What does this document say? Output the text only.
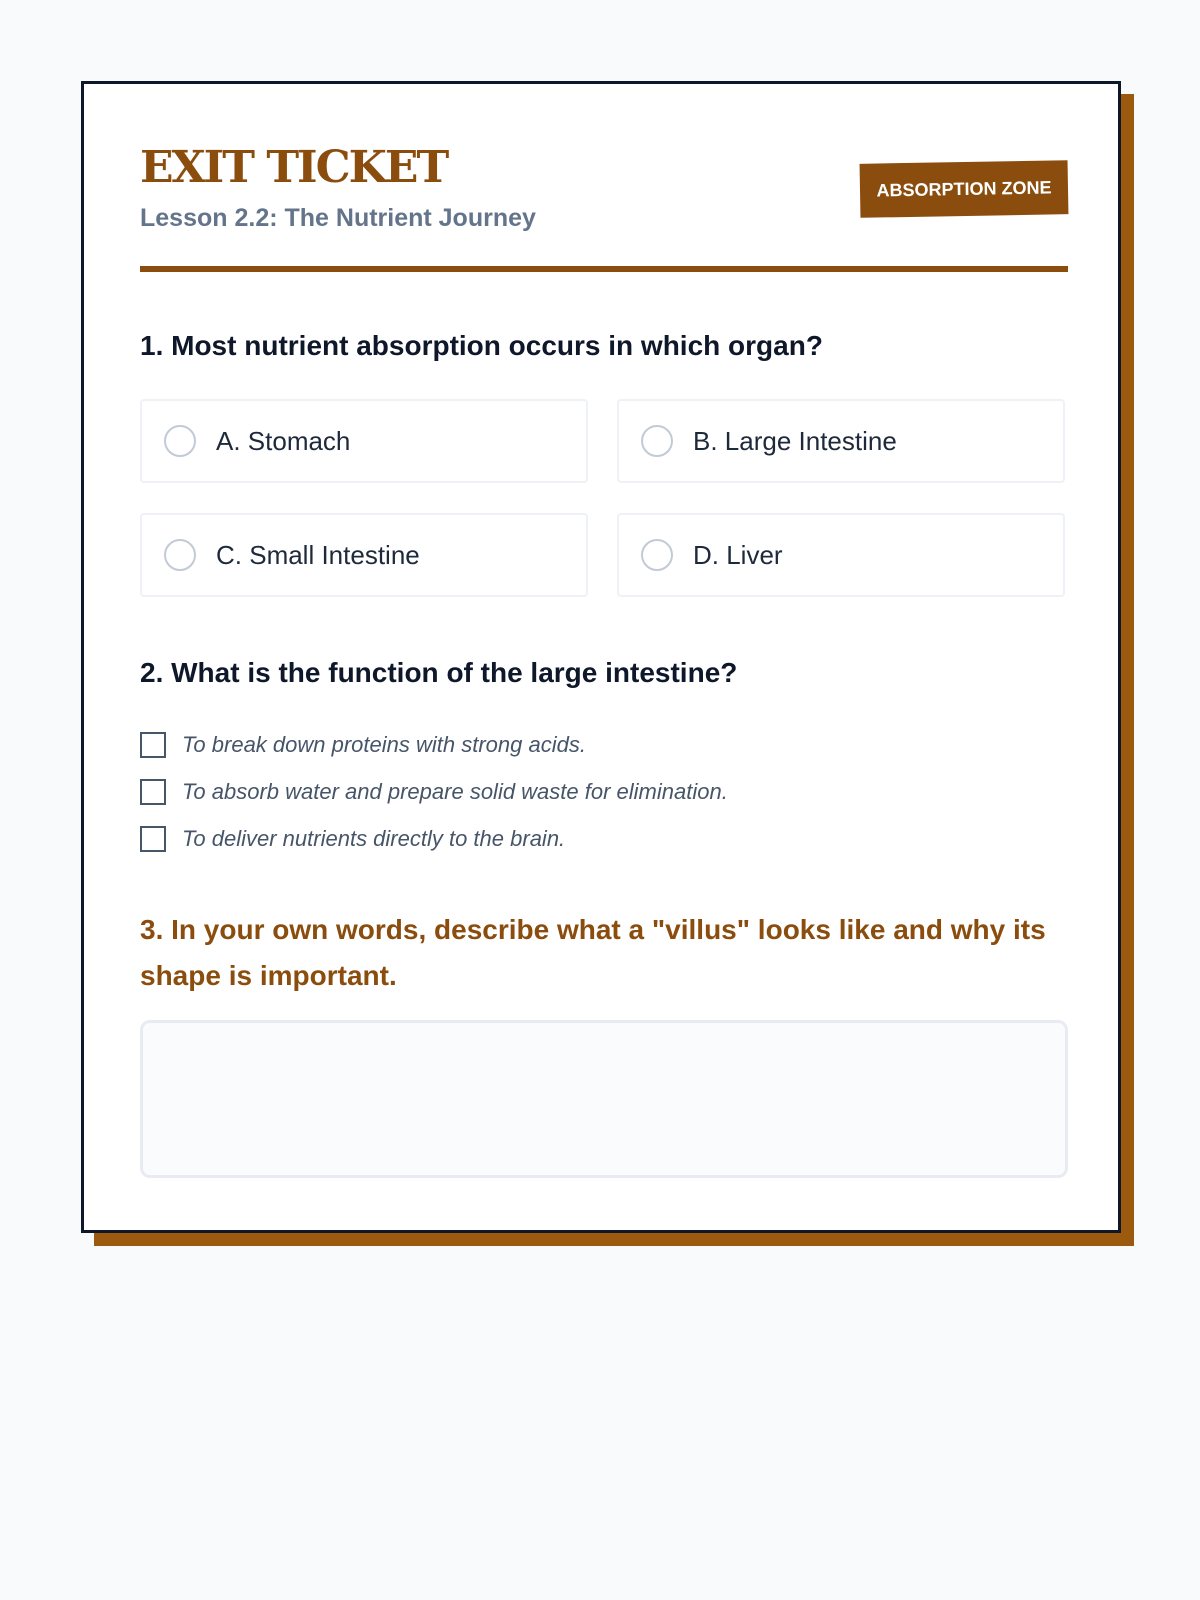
EXIT TICKET
Lesson 2.2: The Nutrient Journey
ABSORPTION ZONE
1. Most nutrient absorption occurs in which organ?
A. Stomach	B. Large Intestine
C. Small Intestine	D. Liver
2. What is the function of the large intestine?
To break down proteins with strong acids.
To absorb water and prepare solid waste for elimination.
To deliver nutrients directly to the brain.
3. In your own words, describe what a "villus" looks like and why its shape is important.
